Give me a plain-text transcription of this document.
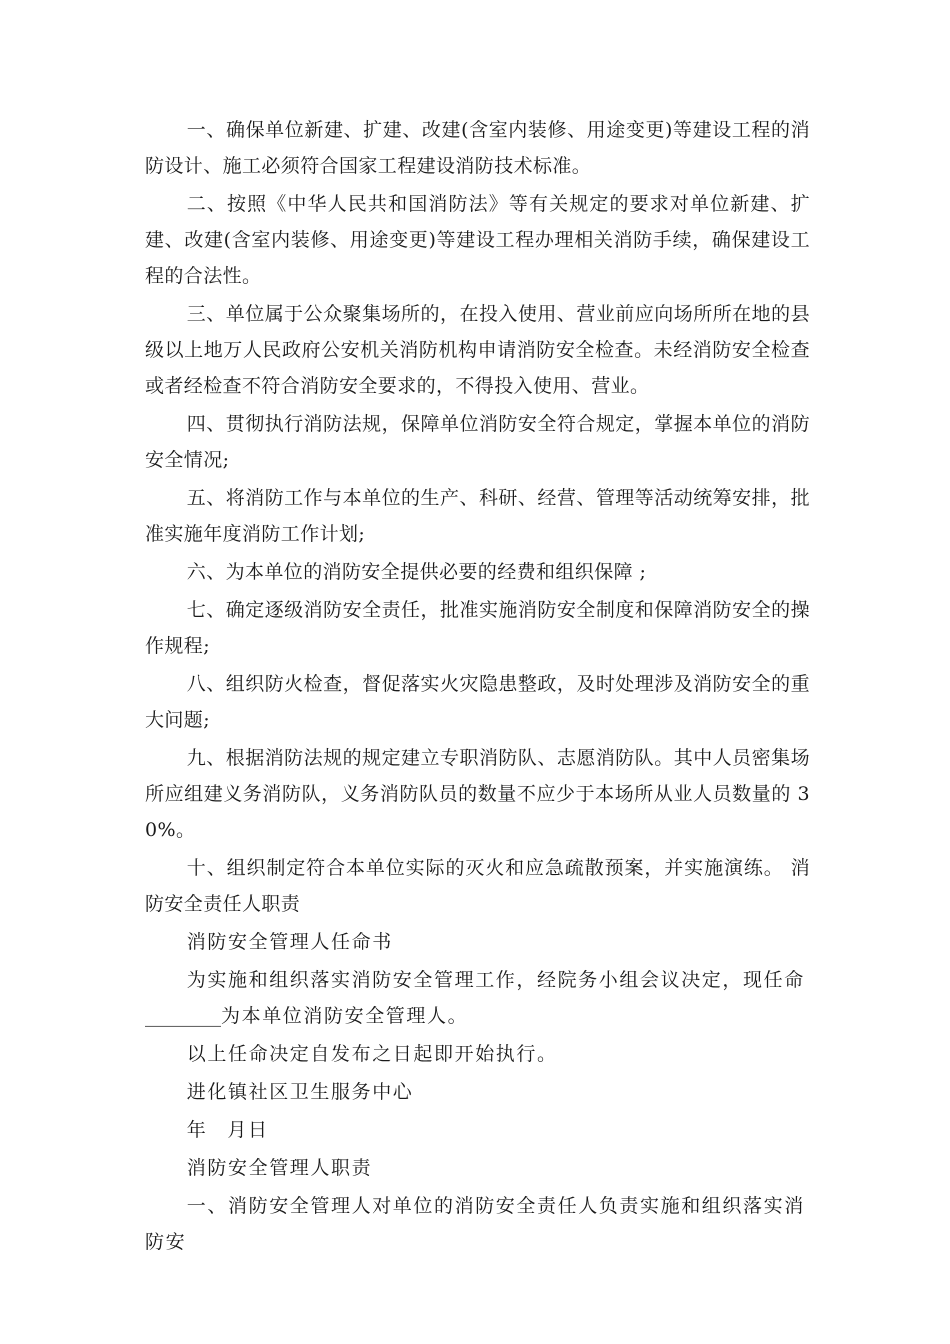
一、确保单位新建、扩建、改建(含室内装修、用途变更)等建设工程的消防设计、施工必须符合国家工程建设消防技术标准。

二、按照《中华人民共和国消防法》等有关规定的要求对单位新建、扩建、改建(含室内装修、用途变更)等建设工程办理相关消防手续，确保建设工程的合法性。

三、单位属于公众聚集场所的，在投入使用、营业前应向场所所在地的县级以上地万人民政府公安机关消防机构申请消防安全检查。未经消防安全检查或者经检查不符合消防安全要求的，不得投入使用、营业。

四、贯彻执行消防法规，保障单位消防安全符合规定，掌握本单位的消防安全情况;

五、将消防工作与本单位的生产、科研、经营、管理等活动统筹安排，批准实施年度消防工作计划;

六、为本单位的消防安全提供必要的经费和组织保障 ;

七、确定逐级消防安全责任，批准实施消防安全制度和保障消防安全的操作规程;

八、组织防火检查，督促落实火灾隐患整政，及时处理涉及消防安全的重大问题;

九、根据消防法规的规定建立专职消防队、志愿消防队。其中人员密集场所应组建义务消防队，义务消防队员的数量不应少于本场所从业人员数量的 30%。

十、组织制定符合本单位实际的灭火和应急疏散预案，并实施演练。 消防安全责任人职责

消防安全管理人任命书

为实施和组织落实消防安全管理工作，经院务小组会议决定，现任命
________为本单位消防安全管理人。

以上任命决定自发布之日起即开始执行。

进化镇社区卫生服务中心

年 月日

消防安全管理人职责

一、消防安全管理人对单位的消防安全责任人负责实施和组织落实消防安
